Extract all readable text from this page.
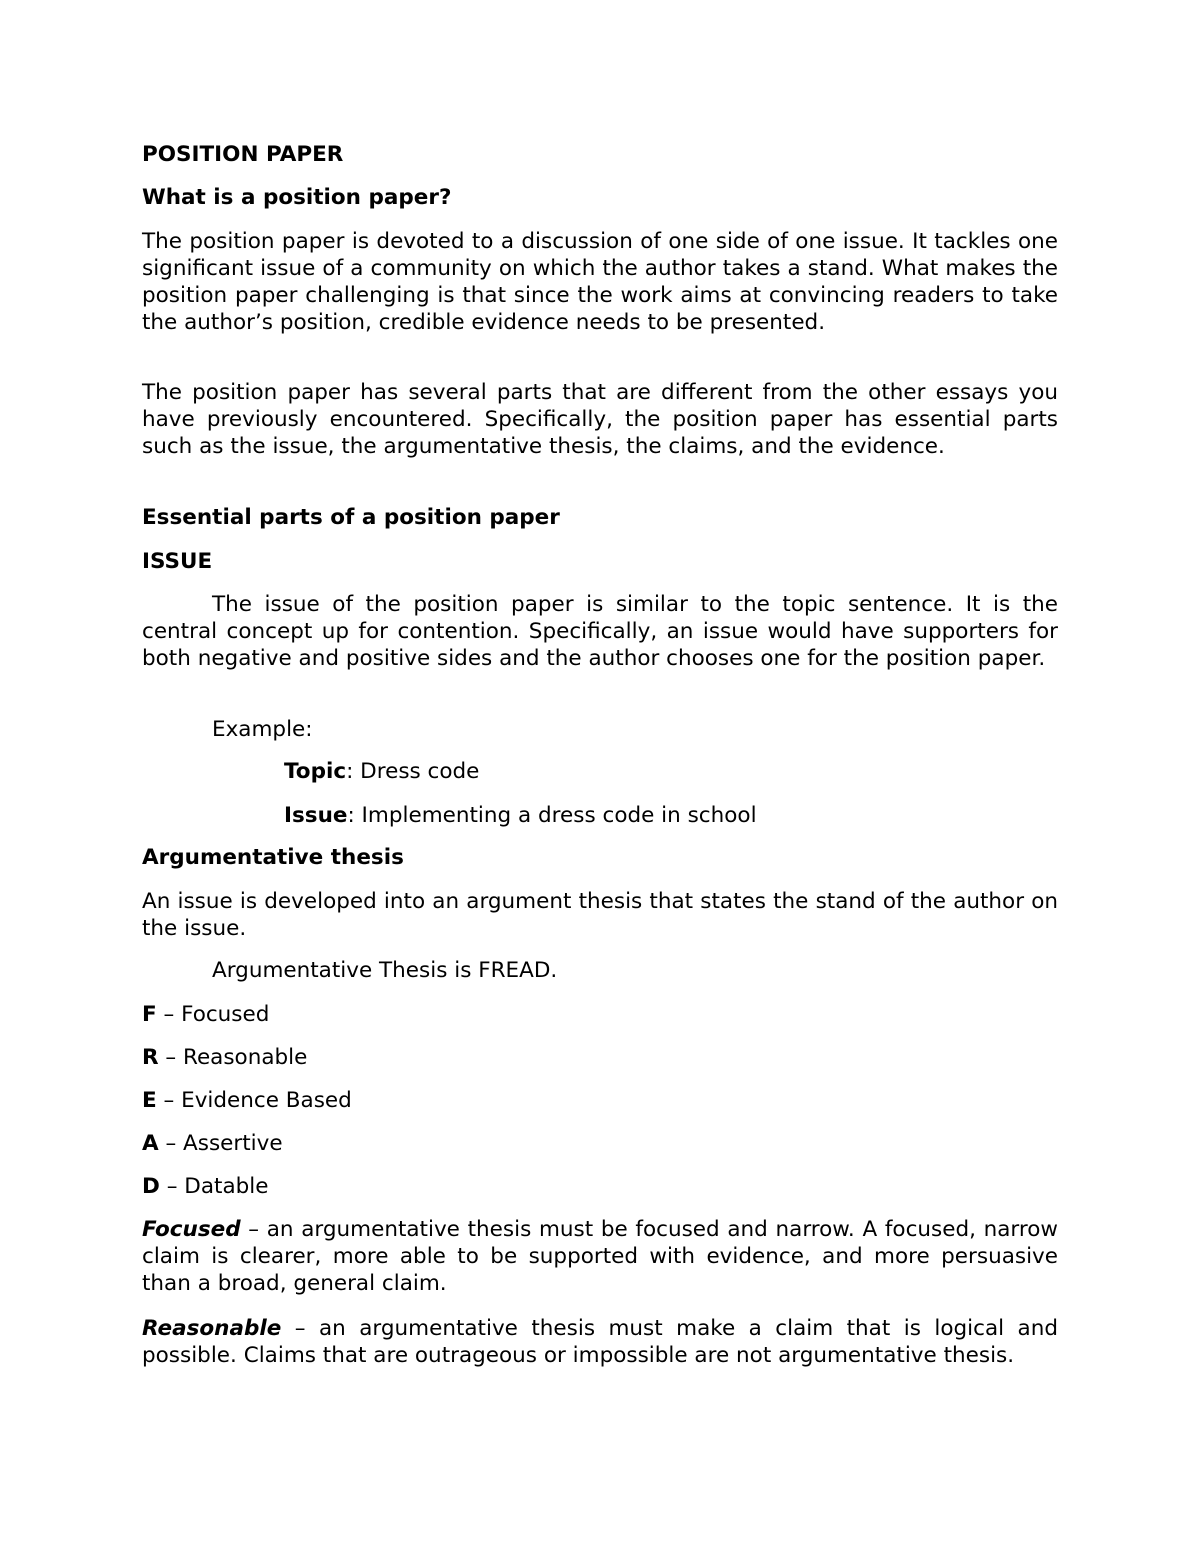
POSITION PAPER

What is a position paper?

The position paper is devoted to a discussion of one side of one issue. It tackles one significant issue of a community on which the author takes a stand. What makes the position paper challenging is that since the work aims at convincing readers to take the author’s position, credible evidence needs to be presented.

The position paper has several parts that are different from the other essays you have previously encountered. Specifically, the position paper has essential parts such as the issue, the argumentative thesis, the claims, and the evidence.

Essential parts of a position paper

ISSUE

The issue of the position paper is similar to the topic sentence. It is the central concept up for contention. Specifically, an issue would have supporters for both negative and positive sides and the author chooses one for the position paper.

Example:

Topic: Dress code

Issue: Implementing a dress code in school

Argumentative thesis

An issue is developed into an argument thesis that states the stand of the author on the issue.

Argumentative Thesis is FREAD.

F – Focused

R – Reasonable

E – Evidence Based

A – Assertive

D – Datable

Focused – an argumentative thesis must be focused and narrow. A focused, narrow claim is clearer, more able to be supported with evidence, and more persuasive than a broad, general claim.

Reasonable – an argumentative thesis must make a claim that is logical and possible. Claims that are outrageous or impossible are not argumentative thesis.
